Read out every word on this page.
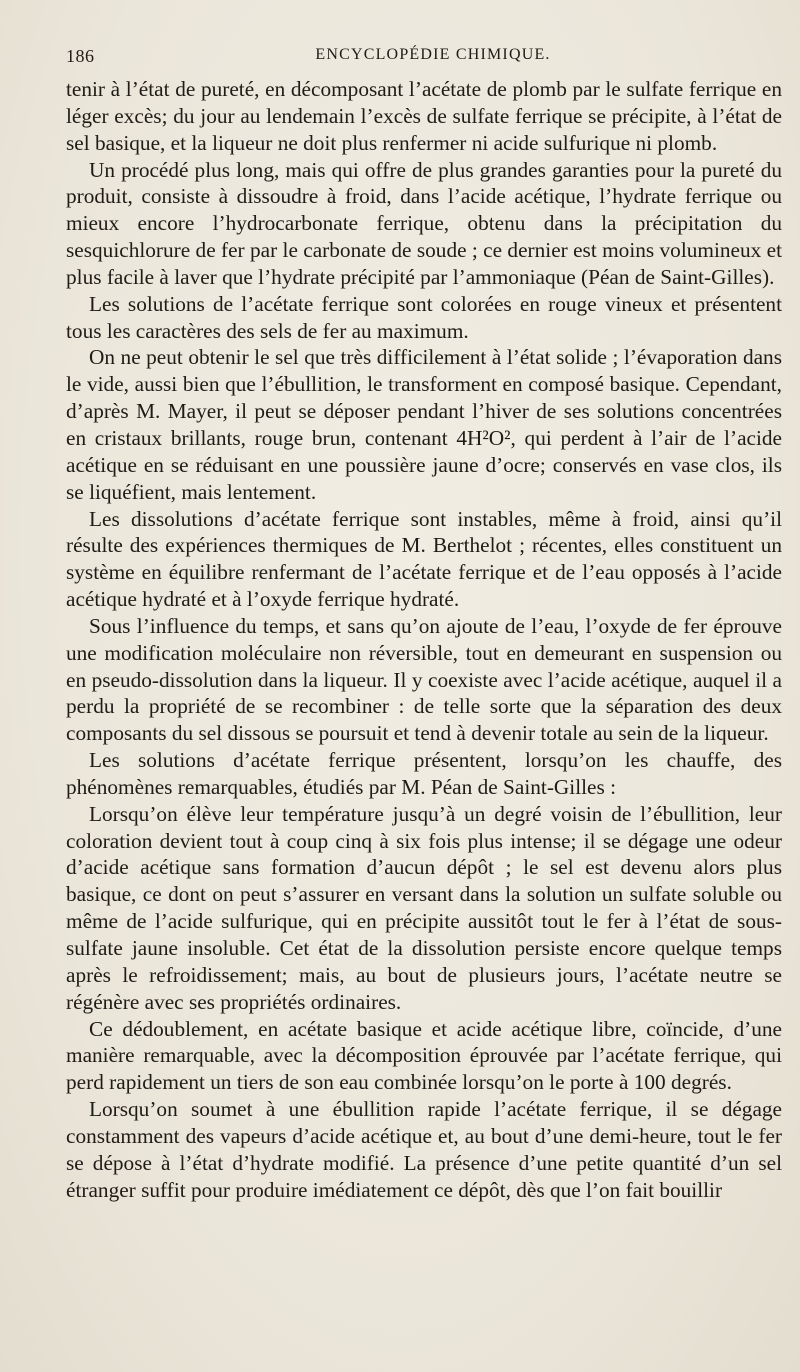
186	ENCYCLOPÉDIE CHIMIQUE.

tenir à l’état de pureté, en décomposant l’acétate de plomb par le sulfate ferrique en léger excès; du jour au lendemain l’excès de sulfate ferrique se précipite, à l’état de sel basique, et la liqueur ne doit plus renfermer ni acide sulfurique ni plomb.

Un procédé plus long, mais qui offre de plus grandes garanties pour la pureté du produit, consiste à dissoudre à froid, dans l’acide acétique, l’hydrate ferrique ou mieux encore l’hydrocarbonate ferrique, obtenu dans la précipitation du sesquichlorure de fer par le carbonate de soude ; ce dernier est moins volumineux et plus facile à laver que l’hydrate précipité par l’ammoniaque (Péan de Saint-Gilles).

Les solutions de l’acétate ferrique sont colorées en rouge vineux et présentent tous les caractères des sels de fer au maximum.

On ne peut obtenir le sel que très difficilement à l’état solide ; l’évaporation dans le vide, aussi bien que l’ébullition, le transforment en composé basique. Cependant, d’après M. Mayer, il peut se déposer pendant l’hiver de ses solutions concentrées en cristaux brillants, rouge brun, contenant 4H²O², qui perdent à l’air de l’acide acétique en se réduisant en une poussière jaune d’ocre; conservés en vase clos, ils se liquéfient, mais lentement.

Les dissolutions d’acétate ferrique sont instables, même à froid, ainsi qu’il résulte des expériences thermiques de M. Berthelot ; récentes, elles constituent un système en équilibre renfermant de l’acétate ferrique et de l’eau opposés à l’acide acétique hydraté et à l’oxyde ferrique hydraté.

Sous l’influence du temps, et sans qu’on ajoute de l’eau, l’oxyde de fer éprouve une modification moléculaire non réversible, tout en demeurant en suspension ou en pseudo-dissolution dans la liqueur. Il y coexiste avec l’acide acétique, auquel il a perdu la propriété de se recombiner : de telle sorte que la séparation des deux composants du sel dissous se poursuit et tend à devenir totale au sein de la liqueur.

Les solutions d’acétate ferrique présentent, lorsqu’on les chauffe, des phénomènes remarquables, étudiés par M. Péan de Saint-Gilles :

Lorsqu’on élève leur température jusqu’à un degré voisin de l’ébullition, leur coloration devient tout à coup cinq à six fois plus intense; il se dégage une odeur d’acide acétique sans formation d’aucun dépôt ; le sel est devenu alors plus basique, ce dont on peut s’assurer en versant dans la solution un sulfate soluble ou même de l’acide sulfurique, qui en précipite aussitôt tout le fer à l’état de sous-sulfate jaune insoluble. Cet état de la dissolution persiste encore quelque temps après le refroidissement; mais, au bout de plusieurs jours, l’acétate neutre se régénère avec ses propriétés ordinaires.

Ce dédoublement, en acétate basique et acide acétique libre, coïncide, d’une manière remarquable, avec la décomposition éprouvée par l’acétate ferrique, qui perd rapidement un tiers de son eau combinée lorsqu’on le porte à 100 degrés.

Lorsqu’on soumet à une ébullition rapide l’acétate ferrique, il se dégage constamment des vapeurs d’acide acétique et, au bout d’une demi-heure, tout le fer se dépose à l’état d’hydrate modifié. La présence d’une petite quantité d’un sel étranger suffit pour produire imédiatement ce dépôt, dès que l’on fait bouillir
